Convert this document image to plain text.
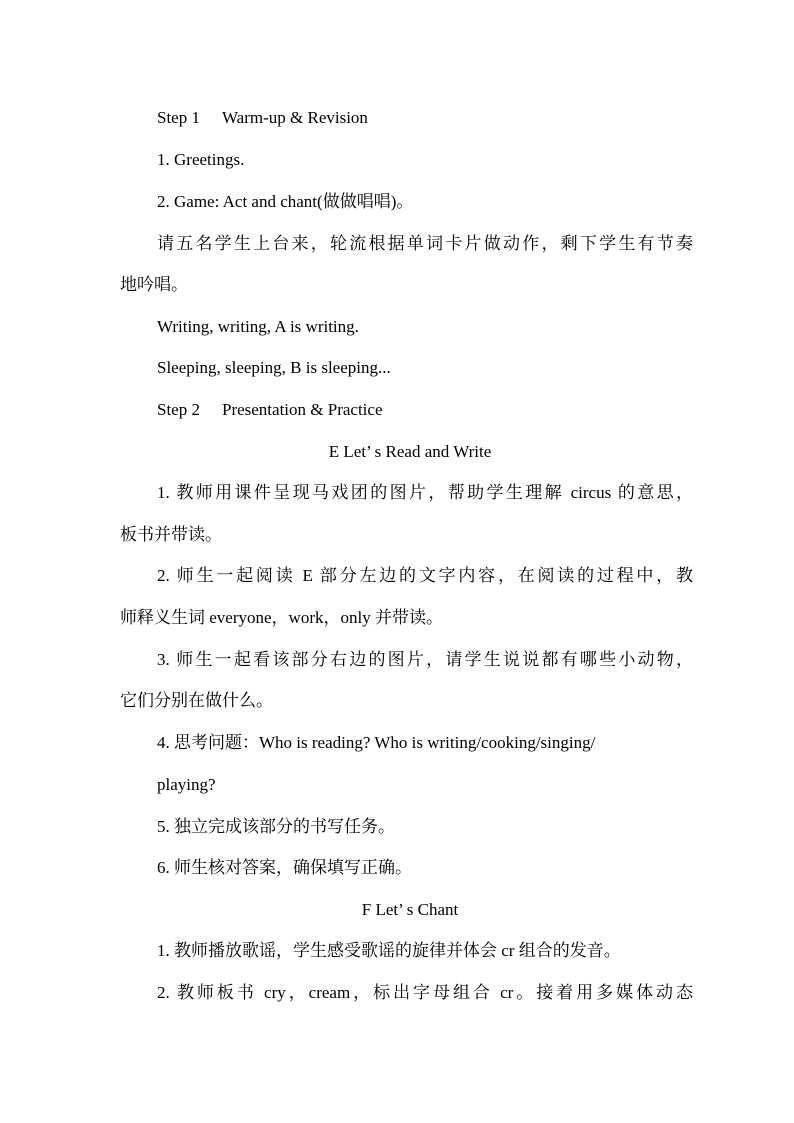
Step 1 Warm-up & Revision
1. Greetings.
2. Game: Act and chant(做做唱唱)。
请五名学生上台来，轮流根据单词卡片做动作，剩下学生有节奏
地吟唱。
Writing, writing, A is writing.
Sleeping, sleeping, B is sleeping...
Step 2 Presentation & Practice
E Let’ s Read and Write
1. 教师用课件呈现马戏团的图片，帮助学生理解 circus 的意思，
板书并带读。
2. 师生一起阅读 E 部分左边的文字内容，在阅读的过程中，教
师释义生词 everyone，work，only 并带读。
3. 师生一起看该部分右边的图片，请学生说说都有哪些小动物，
它们分别在做什么。
4. 思考问题：Who is reading? Who is writing/cooking/singing/
playing?
5. 独立完成该部分的书写任务。
6. 师生核对答案，确保填写正确。
F Let’ s Chant
1. 教师播放歌谣，学生感受歌谣的旋律并体会 cr 组合的发音。
2. 教师板书 cry，cream，标出字母组合 cr。接着用多媒体动态
